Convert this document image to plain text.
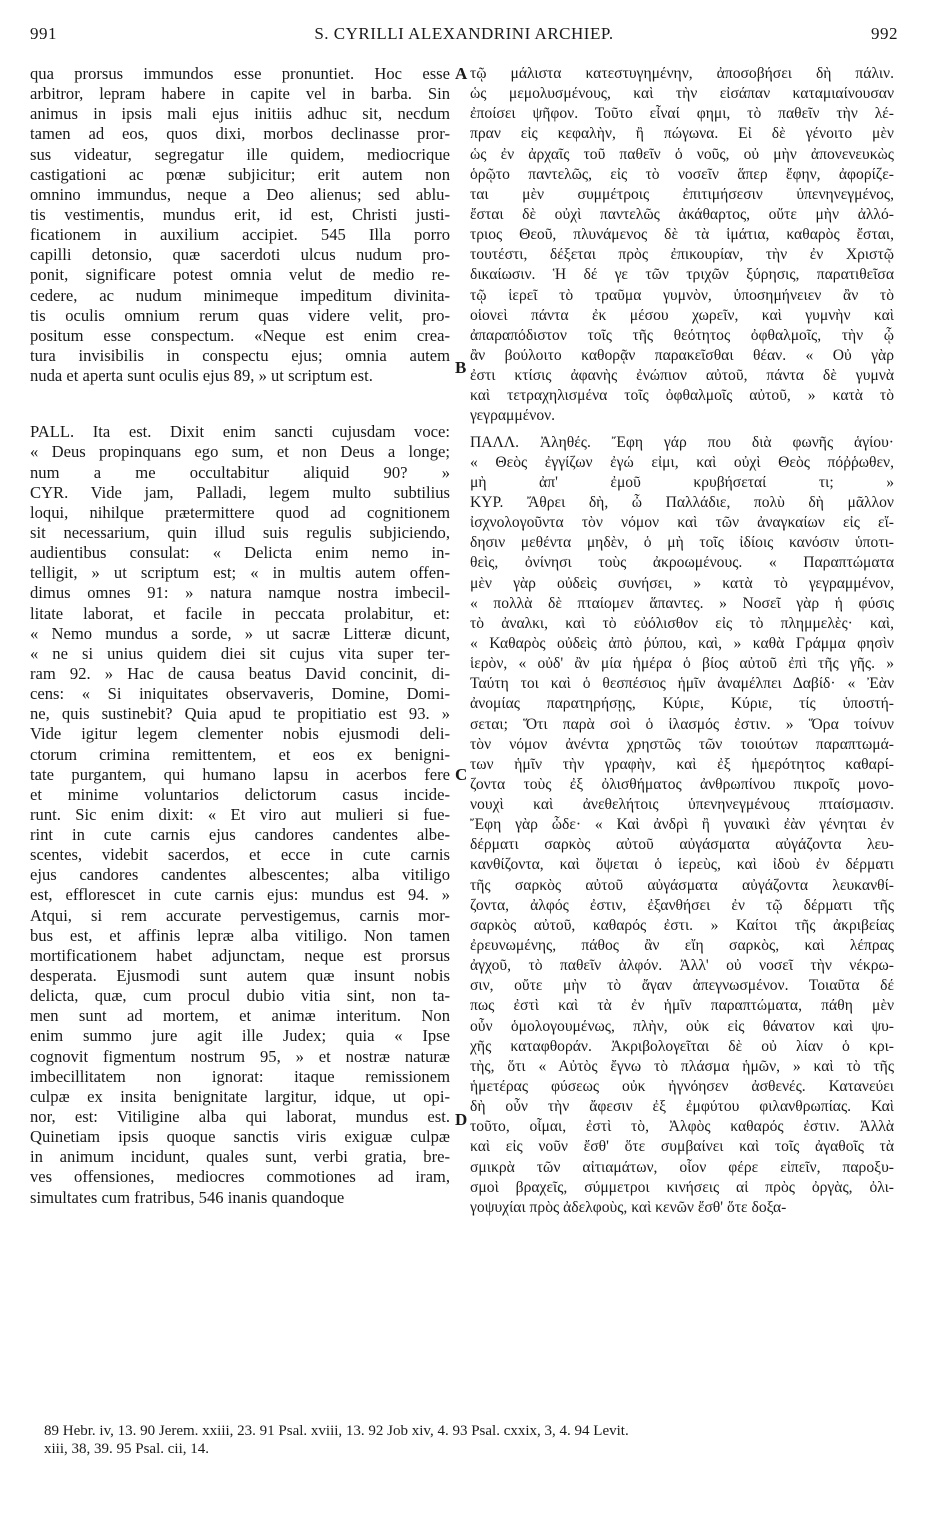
S. CYRILLI ALEXANDRINI ARCHIEP.
991	992
qua prorsus immundos esse pronuntiet. Hoc esse
arbitror, lepram habere in capite vel in barba. Sin
animus in ipsis mali ejus initiis adhuc sit, necdum
tamen ad eos, quos dixi, morbos declinasse pror-
sus videatur, segregatur ille quidem, mediocrique
castigationi ac pœnæ subjicitur; erit autem non
omnino immundus, neque a Deo alienus; sed ablu-
tis vestimentis, mundus erit, id est, Christi justi-
ficationem in auxilium accipiet. 545 Illa porro
capilli detonsio, quæ sacerdoti ulcus nudum pro-
ponit, significare potest omnia velut de medio re-
cedere, ac nudum minimeque impeditum divinita-
tis oculis omnium rerum quas videre velit, pro-
positum esse conspectum. «Neque est enim crea-
tura invisibilis in conspectu ejus; omnia autem
nuda et aperta sunt oculis ejus 89, » ut scriptum est.
PALL. Ita est. Dixit enim sancti cujusdam voce:
« Deus propinquans ego sum, et non Deus a longe;
num a me occultabitur aliquid 90? »
CYR. Vide jam, Palladi, legem multo subtilius
loqui, nihilque prætermittere quod ad cognitionem
sit necessarium, quin illud suis regulis subjiciendo,
audientibus consulat: « Delicta enim nemo in-
telligit, » ut scriptum est; « in multis autem offen-
dimus omnes 91: » natura namque nostra imbecil-
litate laborat, et facile in peccata prolabitur, et:
« Nemo mundus a sorde, » ut sacræ Litteræ dicunt,
« ne si unius quidem diei sit cujus vita super ter-
ram 92. » Hac de causa beatus David concinit, di-
cens: « Si iniquitates observaveris, Domine, Domi-
ne, quis sustinebit? Quia apud te propitiatio est 93. »
Vide igitur legem clementer nobis ejusmodi deli-
ctorum crimina remittentem, et eos ex benigni-
tate purgantem, qui humano lapsu in acerbos fere
et minime voluntarios delictorum casus incide-
runt. Sic enim dixit: « Et viro aut mulieri si fue-
rint in cute carnis ejus candores candentes albe-
scentes, videbit sacerdos, et ecce in cute carnis
ejus candores candentes albescentes; alba vitiligo
est, efflorescet in cute carnis ejus: mundus est 94. »
Atqui, si rem accurate pervestigemus, carnis mor-
bus est, et affinis lepræ alba vitiligo. Non tamen
mortificationem habet adjunctam, neque est prorsus
desperata. Ejusmodi sunt autem quæ insunt nobis
delicta, quæ, cum procul dubio vitia sint, non ta-
men sunt ad mortem, et animæ interitum. Non
enim summo jure agit ille Judex; quia « Ipse
cognovit figmentum nostrum 95, » et nostræ naturæ
imbecillitatem non ignorat: itaque remissionem
culpæ ex insita benignitate largitur, idque, ut opi-
nor, est: Vitiligine alba qui laborat, mundus est.
Quinetiam ipsis quoque sanctis viris exiguæ culpæ
in animum incidunt, quales sunt, verbi gratia, bre-
ves offensiones, mediocres commotiones ad iram,
simultates cum fratribus, 546 inanis quandoque
τῷ μάλιστα κατεστυγημένην, ἀποσοβήσει δὴ πάλιν.
ὡς μεμολυσμένους, καὶ τὴν εἰσάπαν καταμιαίνουσαν
ἐποίσει ψῆφον. Τοῦτο εἶναί φημι, τὸ παθεῖν τὴν λέ-
πραν εἰς κεφαλὴν, ἢ πώγωνα. Εἰ δὲ γένοιτο μὲν
ὡς ἐν ἀρχαῖς τοῦ παθεῖν ὁ νοῦς, οὐ μὴν ἀπονενευκὼς
ὁρῷτο παντελῶς, εἰς τὸ νοσεῖν ἅπερ ἔφην, ἀφορίζε-
ται μὲν συμμέτροις ἐπιτιμήσεσιν ὑπενηνεγμένος,
ἔσται δὲ οὐχὶ παντελῶς ἀκάθαρτος, οὔτε μὴν ἀλλό-
τριος Θεοῦ, πλυνάμενος δὲ τὰ ἱμάτια, καθαρὸς ἔσται,
τουτέστι, δέξεται πρὸς ἐπικουρίαν, τὴν ἐν Χριστῷ
δικαίωσιν. Ἡ δέ γε τῶν τριχῶν ξύρησις, παρατιθεῖσα
τῷ ἱερεῖ τὸ τραῦμα γυμνὸν, ὑποσημήνειεν ἂν τὸ
οἱονεὶ πάντα ἐκ μέσου χωρεῖν, καὶ γυμνὴν καὶ
ἀπαραπόδιστον τοῖς τῆς θεότητος ὀφθαλμοῖς, τὴν ᾧ
ἂν βούλοιτο καθορᾷν παρακεῖσθαι θέαν. « Οὐ γὰρ
ἐστι κτίσις ἀφανὴς ἐνώπιον αὐτοῦ, πάντα δὲ γυμνὰ
καὶ τετραχηλισμένα τοῖς ὀφθαλμοῖς αὐτοῦ, » κατὰ τὸ
γεγραμμένον.
ΠΑΛΛ. Ἀληθές. Ἔφη γάρ που διὰ φωνῆς ἁγίου·
« Θεὸς ἐγγίζων ἐγώ εἰμι, καὶ οὐχὶ Θεὸς πόῤῥωθεν,
μὴ ἀπ' ἐμοῦ κρυβήσεταί τι; »
ΚΥΡ. Ἄθρει δὴ, ὦ Παλλάδιε, πολὺ δὴ μᾶλλον
ἰσχνολογοῦντα τὸν νόμον καὶ τῶν ἀναγκαίων εἰς εἴ-
δησιν μεθέντα μηδὲν, ὁ μὴ τοῖς ἰδίοις κανόσιν ὑποτι-
θεὶς, ὀνίνησι τοὺς ἀκροωμένους. « Παραπτώματα
μὲν γὰρ οὐδεὶς συνήσει, » κατὰ τὸ γεγραμμένον,
« πολλὰ δὲ πταίομεν ἅπαντες. » Νοσεῖ γὰρ ἡ φύσις
τὸ ἀναλκι, καὶ τὸ εὐόλισθον εἰς τὸ πλημμελὲς· καὶ,
« Καθαρὸς οὐδεὶς ἀπὸ ῥύπου, καὶ, » καθὰ Γράμμα φησὶν
ἱερὸν, « οὐδ' ἂν μία ἡμέρα ὁ βίος αὐτοῦ ἐπὶ τῆς γῆς. »
Ταύτη τοι καὶ ὁ θεσπέσιος ἡμῖν ἀναμέλπει Δαβίδ· « Ἐὰν
ἀνομίας παρατηρήσῃς, Κύριε, Κύριε, τίς ὑποστή-
σεται; Ὅτι παρὰ σοὶ ὁ ἱλασμός ἐστιν. » Ὅρα τοίνυν
τὸν νόμον ἀνέντα χρηστῶς τῶν τοιούτων παραπτωμά-
των ἡμῖν τὴν γραφὴν, καὶ ἐξ ἡμερότητος καθαρί-
ζοντα τοὺς ἐξ ὀλισθήματος ἀνθρωπίνου πικροῖς μονο-
νουχὶ καὶ ἀνεθελήτοις ὑπενηνεγμένους πταίσμασιν.
Ἔφη γὰρ ὧδε· « Καὶ ἀνδρὶ ἢ γυναικὶ ἐὰν γένηται ἐν
δέρματι σαρκὸς αὐτοῦ αὐγάσματα αὐγάζοντα λευ-
κανθίζοντα, καὶ ὄψεται ὁ ἱερεὺς, καὶ ἰδοὺ ἐν δέρματι
τῆς σαρκὸς αὐτοῦ αὐγάσματα αὐγάζοντα λευκανθί-
ζοντα, ἀλφός ἐστιν, ἐξανθήσει ἐν τῷ δέρματι τῆς
σαρκὸς αὐτοῦ, καθαρός ἐστι. » Καίτοι τῆς ἀκριβείας
ἐρευνωμένης, πάθος ἂν εἴη σαρκὸς, καὶ λέπρας
ἀγχοῦ, τὸ παθεῖν ἀλφόν. Ἀλλ' οὐ νοσεῖ τὴν νέκρω-
σιν, οὔτε μὴν τὸ ἄγαν ἀπεγνωσμένον. Τοιαῦτα δέ
πως ἐστὶ καὶ τὰ ἐν ἡμῖν παραπτώματα, πάθη μὲν
οὖν ὁμολογουμένως, πλὴν, οὐκ εἰς θάνατον καὶ ψυ-
χῆς καταφθοράν. Ἀκριβολογεῖται δὲ οὐ λίαν ὁ κρι-
τὴς, ὅτι « Αὐτὸς ἔγνω τὸ πλάσμα ἡμῶν, » καὶ τὸ τῆς
ἡμετέρας φύσεως οὐκ ἠγνόησεν ἀσθενές. Κατανεύει
δὴ οὖν τὴν ἄφεσιν ἐξ ἐμφύτου φιλανθρωπίας. Καὶ
τοῦτο, οἶμαι, ἐστὶ τὸ, Ἀλφὸς καθαρός ἐστιν. Ἀλλὰ
καὶ εἰς νοῦν ἔσθ' ὅτε συμβαίνει καὶ τοῖς ἀγαθοῖς τὰ
σμικρὰ τῶν αἰτιαμάτων, οἷον φέρε εἰπεῖν, παροξυ-
σμοὶ βραχεῖς, σύμμετροι κινήσεις αἱ πρὸς ὀργὰς, ὀλι-
γοψυχίαι πρὸς ἀδελφοὺς, καὶ κενῶν ἔσθ' ὅτε δοξα-
A
B
C
D
89 Hebr. iv, 13. 90 Jerem. xxiii, 23. 91 Psal. xviii, 13. 92 Job xiv, 4. 93 Psal. cxxix, 3, 4. 94 Levit.
xiii, 38, 39. 95 Psal. cii, 14.
